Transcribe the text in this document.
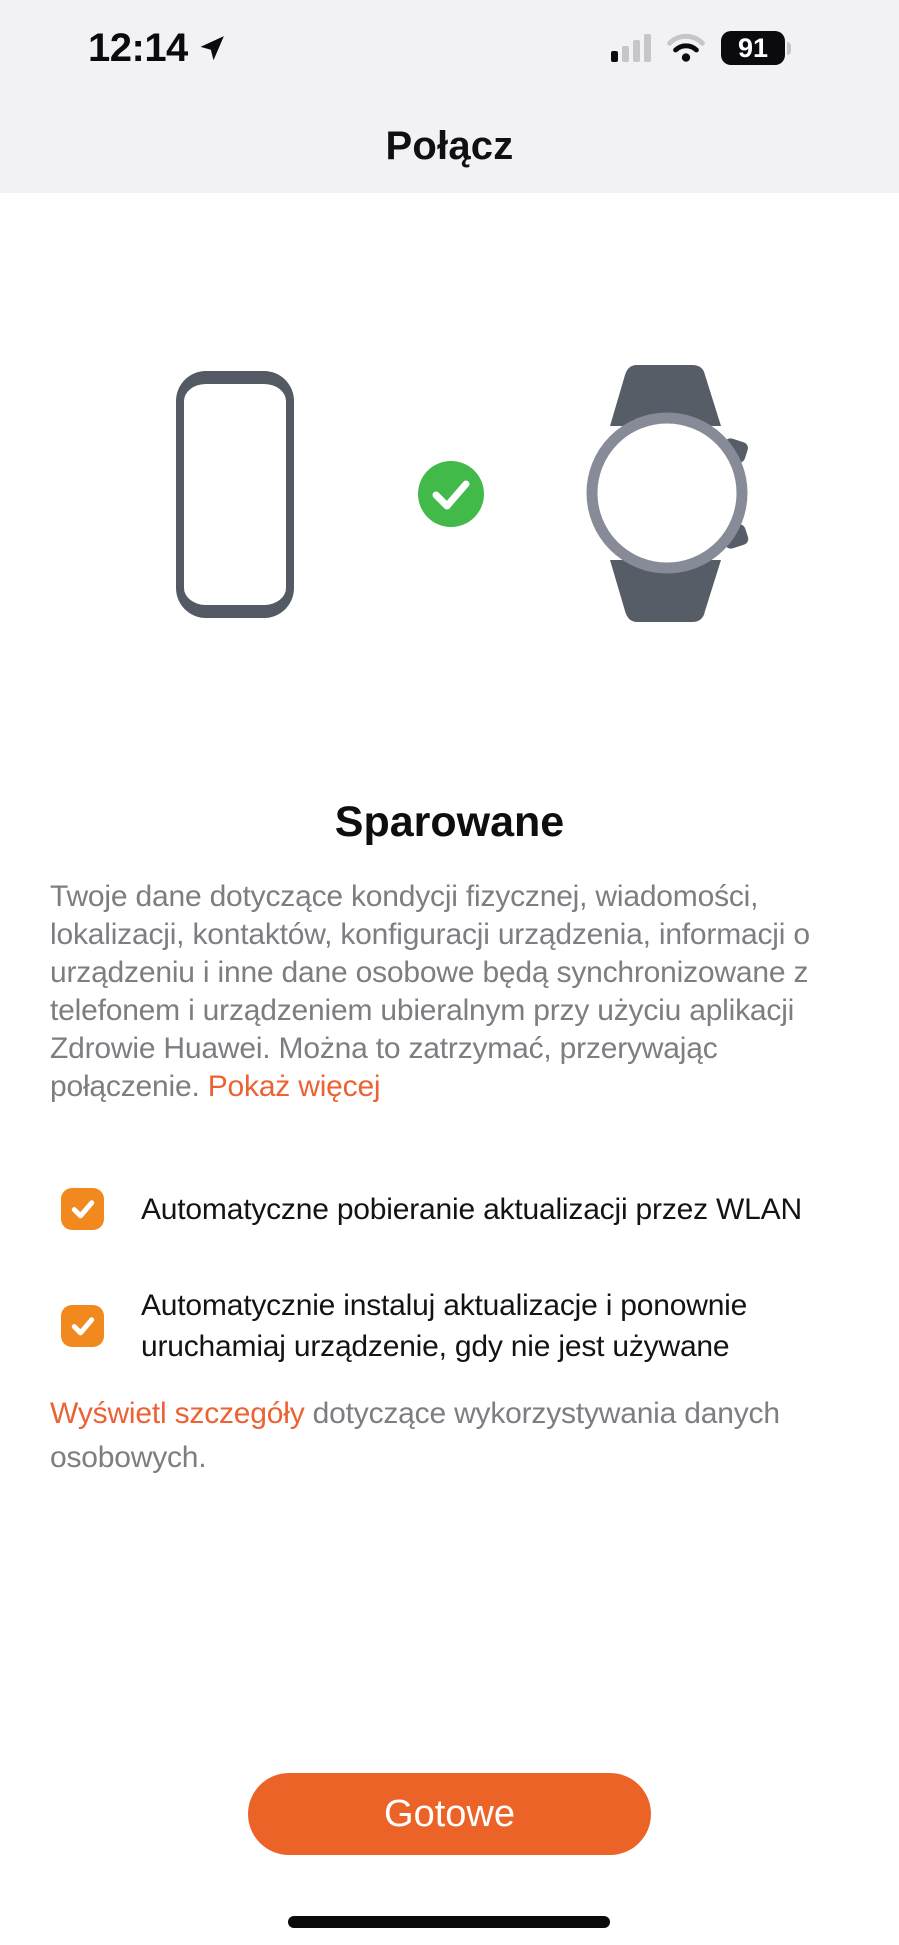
12:14	91
Połącz
Sparowane

Twoje dane dotyczące kondycji fizycznej, wiadomości, lokalizacji, kontaktów, konfiguracji urządzenia, informacji o urządzeniu i inne dane osobowe będą synchronizowane z telefonem i urządzeniem ubieralnym przy użyciu aplikacji Zdrowie Huawei. Można to zatrzymać, przerywając połączenie. Pokaż więcej

Automatyczne pobieranie aktualizacji przez WLAN
Automatycznie instaluj aktualizacje i ponownie uruchamiaj urządzenie, gdy nie jest używane

Wyświetl szczegóły dotyczące wykorzystywania danych osobowych.

Gotowe
